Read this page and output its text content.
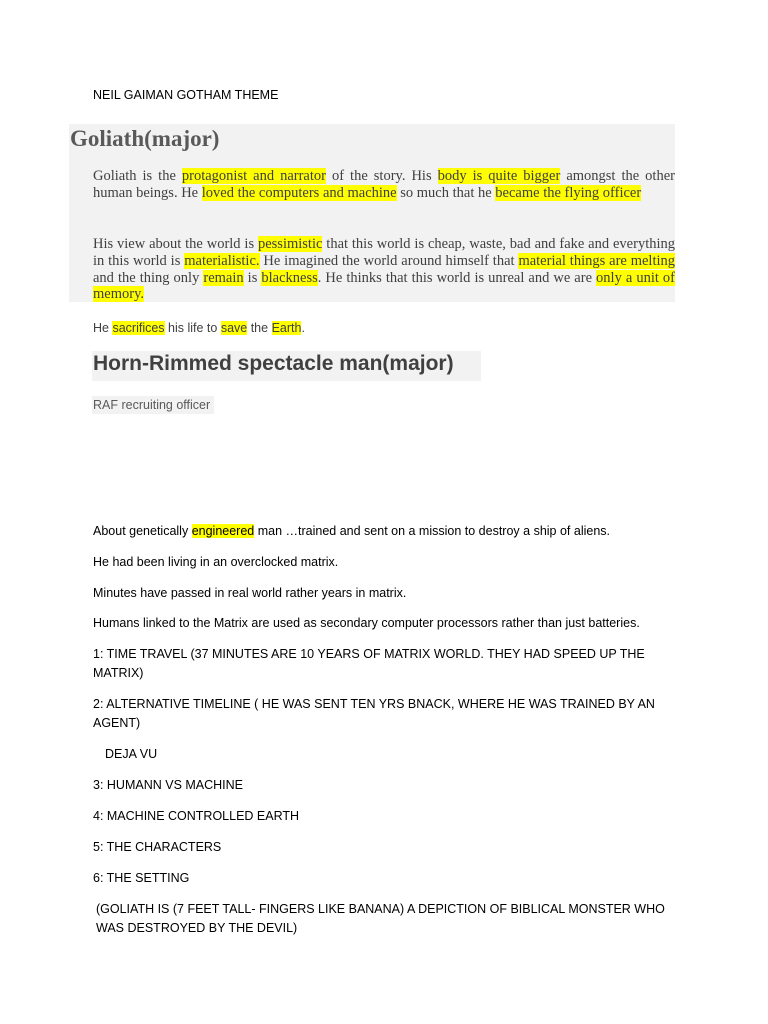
NEIL GAIMAN GOTHAM THEME
Goliath(major)

Goliath is the protagonist and narrator of the story. His body is quite bigger amongst the other human beings. He loved the computers and machine so much that he became the flying officer

His view about the world is pessimistic that this world is cheap, waste, bad and fake and everything in this world is materialistic. He imagined the world around himself that material things are melting and the thing only remain is blackness. He thinks that this world is unreal and we are only a unit of memory.

He sacrifices his life to save the Earth.
Horn-Rimmed spectacle man(major)
RAF recruiting officer

About genetically engineered man …trained and sent on a mission to destroy a ship of aliens.

He had been living in an overclocked matrix.

Minutes have passed in real world rather years in matrix.

Humans linked to the Matrix are used as secondary computer processors rather than just batteries.

1: TIME TRAVEL (37 MINUTES ARE 10 YEARS OF MATRIX WORLD. THEY HAD SPEED UP THE MATRIX)

2: ALTERNATIVE TIMELINE ( HE WAS SENT TEN YRS BNACK, WHERE HE WAS TRAINED BY AN AGENT)

DEJA VU

3: HUMANN VS MACHINE

4: MACHINE CONTROLLED EARTH

5: THE CHARACTERS

6: THE SETTING

(GOLIATH IS (7 FEET TALL- FINGERS LIKE BANANA) A DEPICTION OF BIBLICAL MONSTER WHO WAS DESTROYED BY THE DEVIL)
